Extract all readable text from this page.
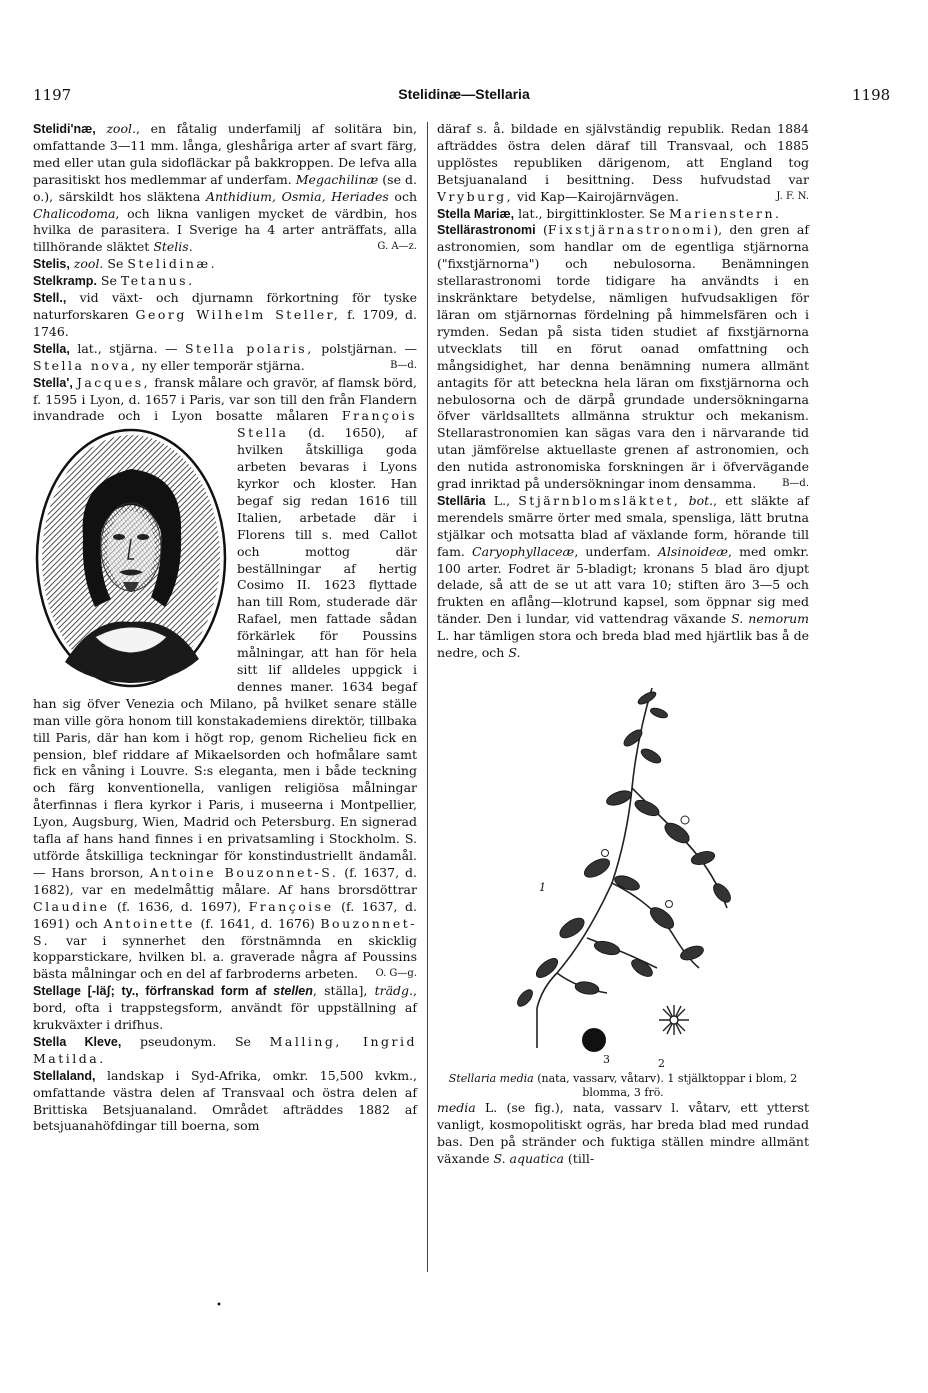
1197	Stelidinæ—Stellaria	1198

Stelidi'næ, zool., en fåtalig underfamilj af solitära bin, omfattande 3—11 mm. långa, gleshåriga arter af svart färg, med eller utan gula sidofläckar på bakkroppen. De lefva alla parasitiskt hos medlemmar af underfam. Megachilinæ (se d. o.), särskildt hos släktena Anthidium, Osmia, Heriades och Chalicodoma, och likna vanligen mycket de värdbin, hos hvilka de parasitera. I Sverige ha 4 arter anträffats, alla tillhörande släktet Stelis.	G. A—z.

Stelis, zool. Se Stelidinæ.

Stelkramp. Se Tetanus.

Stell., vid växt- och djurnamn förkortning för tyske naturforskaren Georg Wilhelm Steller, f. 1709, d. 1746.

Stella, lat., stjärna. — Stella polaris, polstjärnan. — Stella nova, ny eller temporär stjärna.	B—d.

Stella', Jacques, fransk målare och gravör, af flamsk börd, f. 1595 i Lyon, d. 1657 i Paris, var son till den från Flandern invandrade och i Lyon bosatte målaren François Stella
(d. 1650), af hvilken åtskilliga goda arbeten bevaras i Lyons kyrkor och kloster. Han begaf sig redan 1616 till Italien, arbetade där i Florens till s. med Callot och mottog där beställningar af hertig Cosimo II. 1623 flyttade han till Rom, studerade där Rafael, men fattade sådan förkärlek för Poussins målningar, att han för hela sitt lif alldeles uppgick i dennes maner. 1634 begaf han sig öfver Venezia och Milano, på hvilket senare ställe man ville göra honom till konstakademiens direktör, tillbaka till Paris, där han kom i högt rop, genom Richelieu fick en pension, blef riddare af Mikaelsorden och hofmålare samt fick en våning i Louvre. S:s eleganta, men i både teckning och färg konventionella, vanligen religiösa målningar återfinnas i flera kyrkor i Paris, i museerna i Montpellier, Lyon, Augsburg, Wien, Madrid och Petersburg. En signerad tafla af hans hand finnes i en privatsamling i Stockholm. S. utförde åtskilliga teckningar för konstindustriellt ändamål. — Hans brorson, Antoine Bouzonnet-S. (f. 1637, d. 1682), var en medelmåttig målare. Af hans brorsdöttrar Claudine (f. 1636, d. 1697), Françoise (f. 1637, d. 1691) och Antoinette (f. 1641, d. 1676) Bouzonnet-S. var i synnerhet den förstnämnda en skicklig kopparstickare, hvilken bl. a. graverade några af Poussins bästa målningar och en del af farbroderns arbeten. O. G—g.

Stellage [-läʃ; ty., förfranskad form af stellen, ställa], trädg., bord, ofta i trappstegsform, användt för uppställning af krukväxter i drifhus.

Stella Kleve, pseudonym. Se Malling, Ingrid Matilda.

Stellaland, landskap i Syd-Afrika, omkr. 15,500 kvkm., omfattande västra delen af Transvaal och östra delen af Brittiska Betsjuanaland. Området afträddes 1882 af betsjuanahöfdingar till boerna, som

däraf s. å. bildade en självständig republik. Redan 1884 afträddes östra delen däraf till Transvaal, och 1885 upplöstes republiken därigenom, att England tog Betsjuanaland i besittning. Dess hufvudstad var Vryburg, vid Kap—Kairojärnvägen.	J. F. N.

Stella Mariæ, lat., birgittinkloster. Se Marienstern.

Stellärastronomi (Fixstjärnastronomi), den gren af astronomien, som handlar om de egentliga stjärnorna ("fixstjärnorna") och nebulosorna. Benämningen stellarastronomi torde tidigare ha användts i en inskränktare betydelse, nämligen hufvudsakligen för läran om stjärnornas fördelning på himmelsfären och i rymden. Sedan på sista tiden studiet af fixstjärnorna utvecklats till en förut oanad omfattning och mångsidighet, har denna benämning numera allmänt antagits för att beteckna hela läran om fixstjärnorna och nebulosorna och de därpå grundade undersökningarna öfver världsalltets allmänna struktur och mekanism. Stellarastronomien kan sägas vara den i närvarande tid utan jämförelse aktuellaste grenen af astronomien, och den nutida astronomiska forskningen är i öfvervägande grad inriktad på undersökningar inom densamma.	B—d.

Stellāria L., Stjärnblomsläktet, bot., ett släkte af merendels smärre örter med smala, spensliga, lätt brutna stjälkar och motsatta blad af växlande form, hörande till fam. Caryophyllaceæ, underfam. Alsinoideæ, med omkr. 100 arter. Fodret är 5-bladigt; kronans 5 blad äro djupt delade, så att de se ut att vara 10; stiften äro 3—5 och frukten en aflång—klotrund kapsel, som öppnar sig med tänder. Den i lundar, vid vattendrag växande S. nemorum L. har tämligen stora och breda blad med hjärtlik bas å de nedre, och S.

1
3	2

Stellaria media (nata, vassarv, våtarv). 1 stjälktoppar i blom, 2 blomma, 3 frö.

media L. (se fig.), nata, vassarv l. våtarv, ett ytterst vanligt, kosmopolitiskt ogräs, har breda blad med rundad bas. Den på stränder och fuktiga ställen mindre allmänt växande S. aquatica (till-

•
